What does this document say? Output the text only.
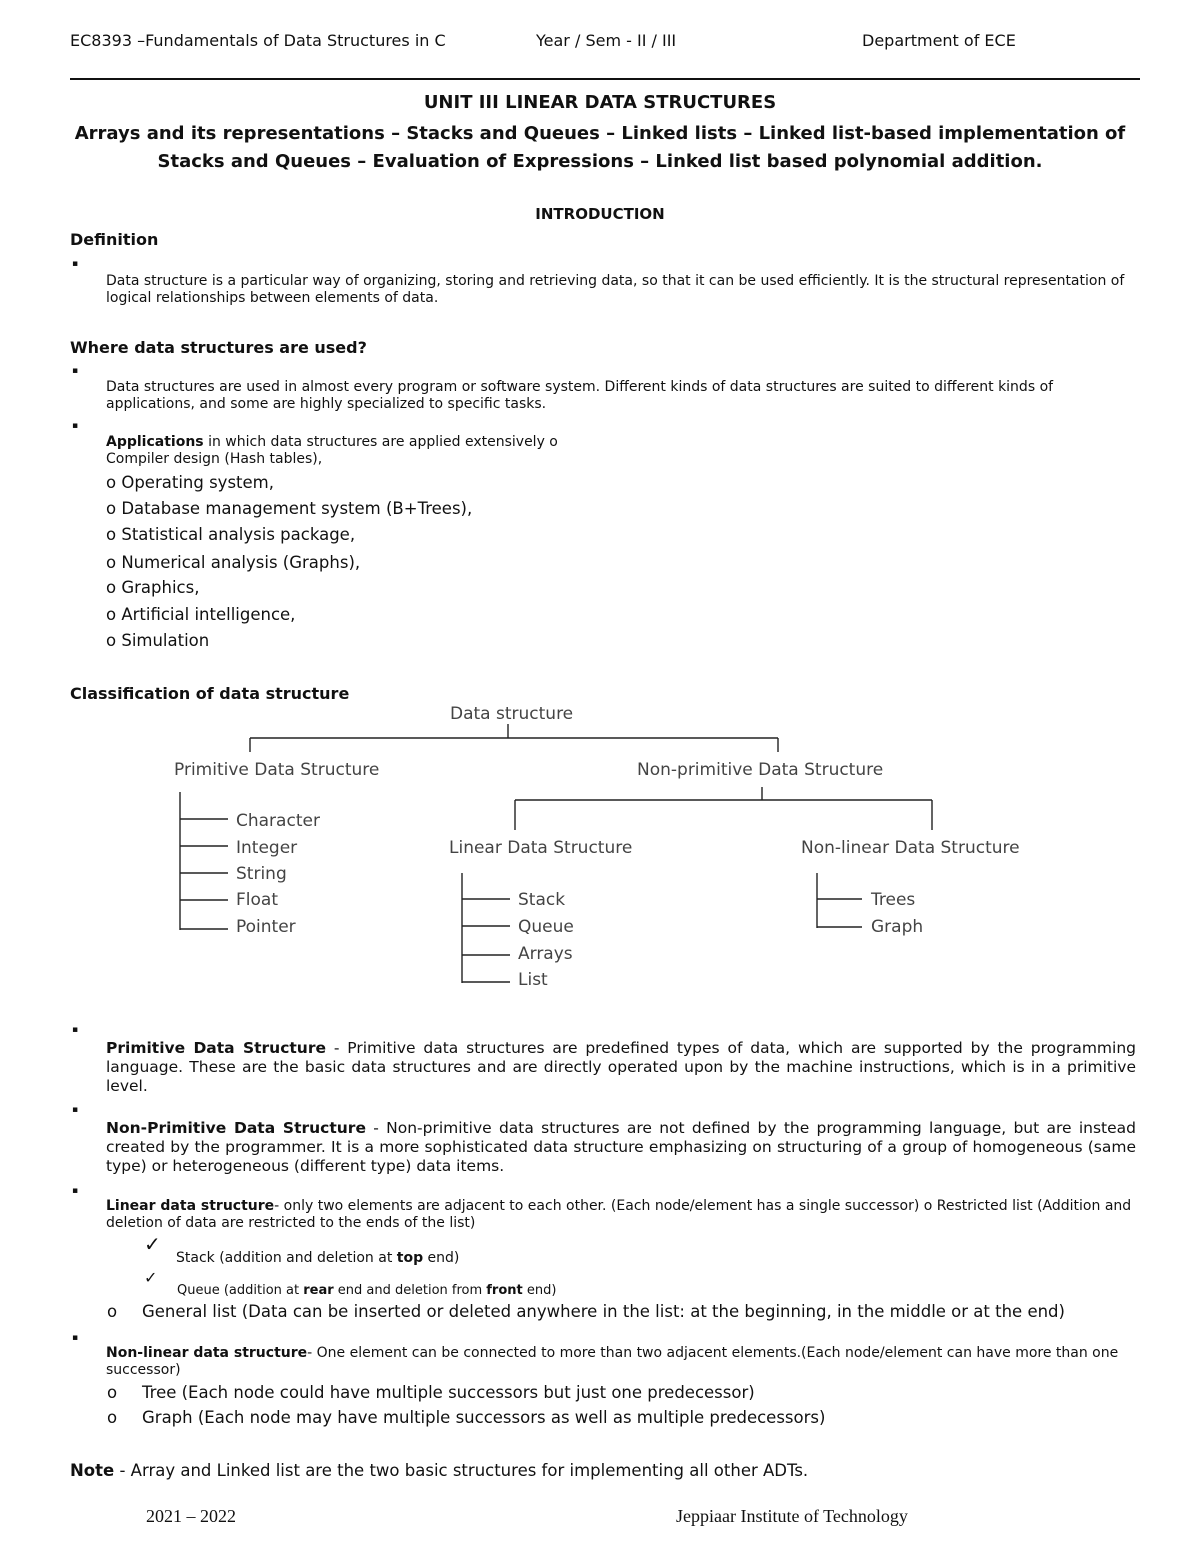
EC8393 –Fundamentals of Data Structures in C	Year / Sem - II / III	Department of ECE
UNIT III LINEAR DATA STRUCTURES
Arrays and its representations – Stacks and Queues – Linked lists – Linked list-based implementation of
Stacks and Queues – Evaluation of Expressions – Linked list based polynomial addition.
INTRODUCTION
Definition
▪
Data structure is a particular way of organizing, storing and retrieving data, so that it can be used efficiently. It is the structural representation of logical relationships between elements of data.
Where data structures are used?
▪
Data structures are used in almost every program or software system. Different kinds of data structures are suited to different kinds of applications, and some are highly specialized to specific tasks.
▪
Applications in which data structures are applied extensively o
Compiler design (Hash tables),
o Operating system,
o Database management system (B+Trees),
o Statistical analysis package,
o Numerical analysis (Graphs),
o Graphics,
o Artificial intelligence,
o Simulation
Classification of data structure
Data structure
Primitive Data Structure	Non-primitive Data Structure
Character
Integer
String
Float
Pointer
Linear Data Structure	Non-linear Data Structure
Stack
Queue
Arrays
List
Trees
Graph
▪
Primitive Data Structure - Primitive data structures are predefined types of data, which are supported by the programming language. These are the basic data structures and are directly operated upon by the machine instructions, which is in a primitive level.
▪
Non-Primitive Data Structure - Non-primitive data structures are not defined by the programming language, but are instead created by the programmer. It is a more sophisticated data structure emphasizing on structuring of a group of homogeneous (same type) or heterogeneous (different type) data items.
▪
Linear data structure- only two elements are adjacent to each other. (Each node/element has a single successor) o Restricted list (Addition and deletion of data are restricted to the ends of the list)
✓
Stack (addition and deletion at top end)
✓
Queue (addition at rear end and deletion from front end)
o General list (Data can be inserted or deleted anywhere in the list: at the beginning, in the middle or at the end)
▪
Non-linear data structure- One element can be connected to more than two adjacent elements.(Each node/element can have more than one successor)
o Tree (Each node could have multiple successors but just one predecessor)
o Graph (Each node may have multiple successors as well as multiple predecessors)
Note - Array and Linked list are the two basic structures for implementing all other ADTs.
2021 – 2022	Jeppiaar Institute of Technology
